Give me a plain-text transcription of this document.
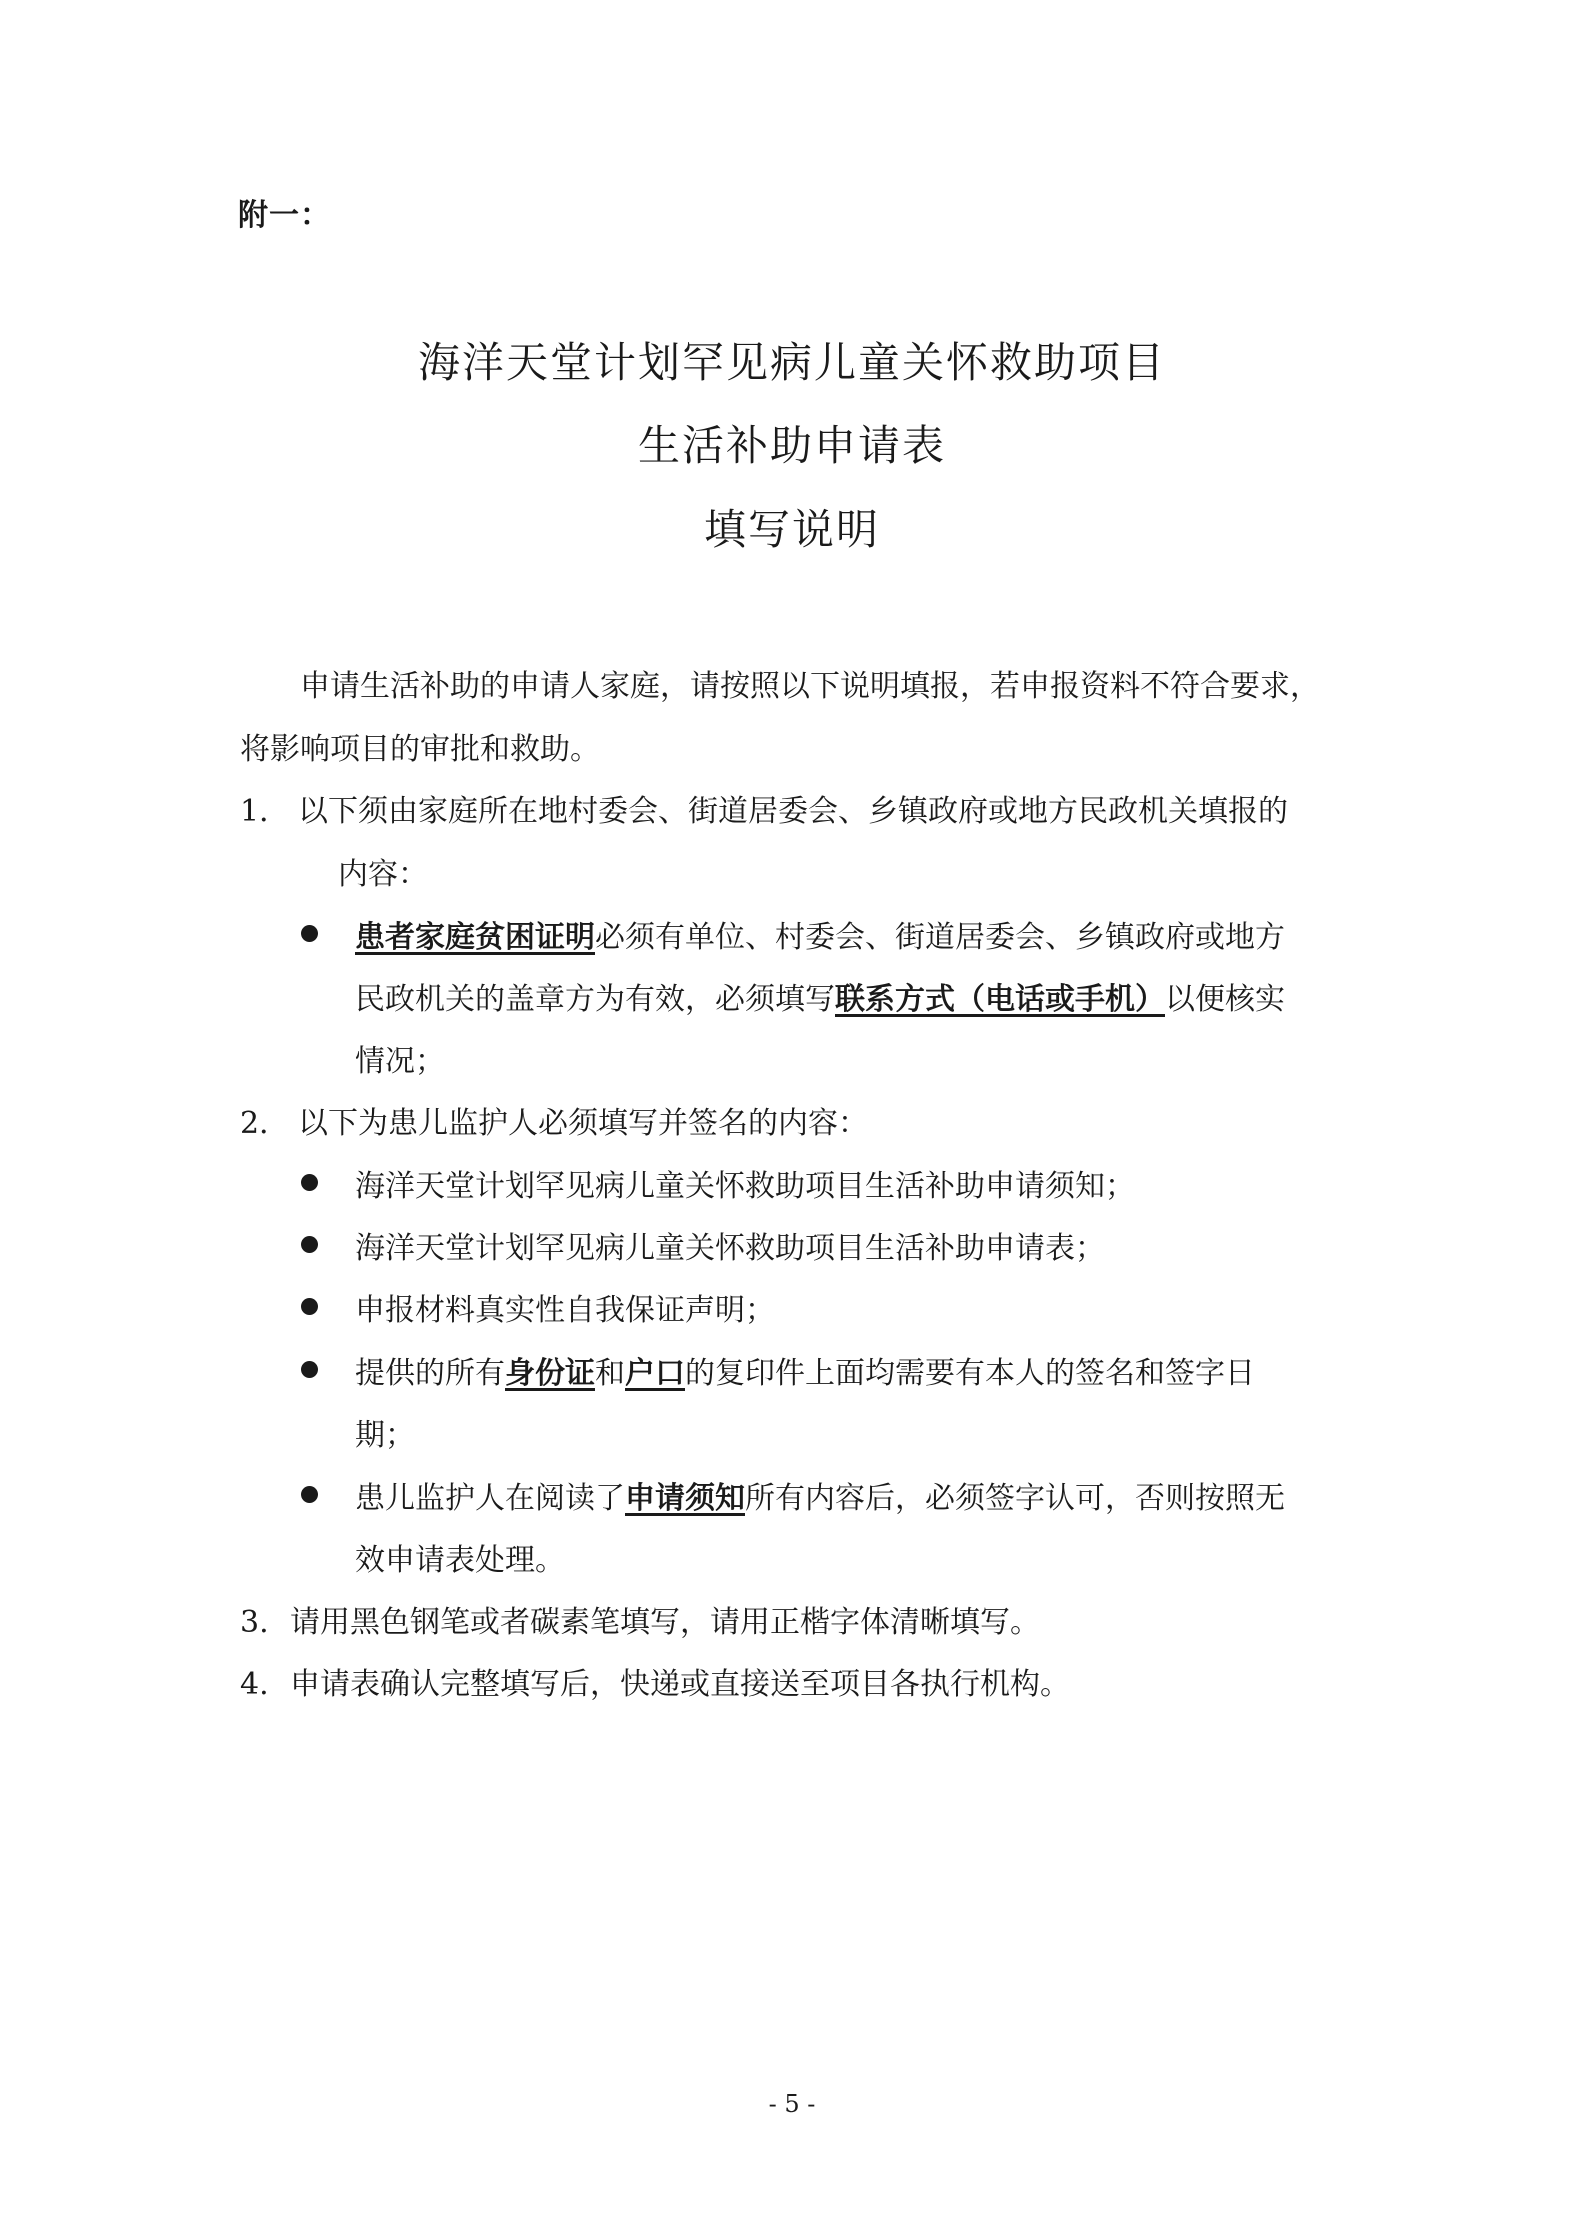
附一：
海洋天堂计划罕见病儿童关怀救助项目
生活补助申请表
填写说明
申请生活补助的申请人家庭，请按照以下说明填报，若申报资料不符合要求，
将影响项目的审批和救助。
1． 以下须由家庭所在地村委会、街道居委会、乡镇政府或地方民政机关填报的
内容：
患者家庭贫困证明必须有单位、村委会、街道居委会、乡镇政府或地方
民政机关的盖章方为有效，必须填写联系方式（电话或手机）以便核实
情况；
2． 以下为患儿监护人必须填写并签名的内容：
海洋天堂计划罕见病儿童关怀救助项目生活补助申请须知；
海洋天堂计划罕见病儿童关怀救助项目生活补助申请表；
申报材料真实性自我保证声明；
提供的所有身份证和户口的复印件上面均需要有本人的签名和签字日
期；
患儿监护人在阅读了申请须知所有内容后，必须签字认可，否则按照无
效申请表处理。
3. 请用黑色钢笔或者碳素笔填写，请用正楷字体清晰填写。
4. 申请表确认完整填写后，快递或直接送至项目各执行机构。
- 5 -
